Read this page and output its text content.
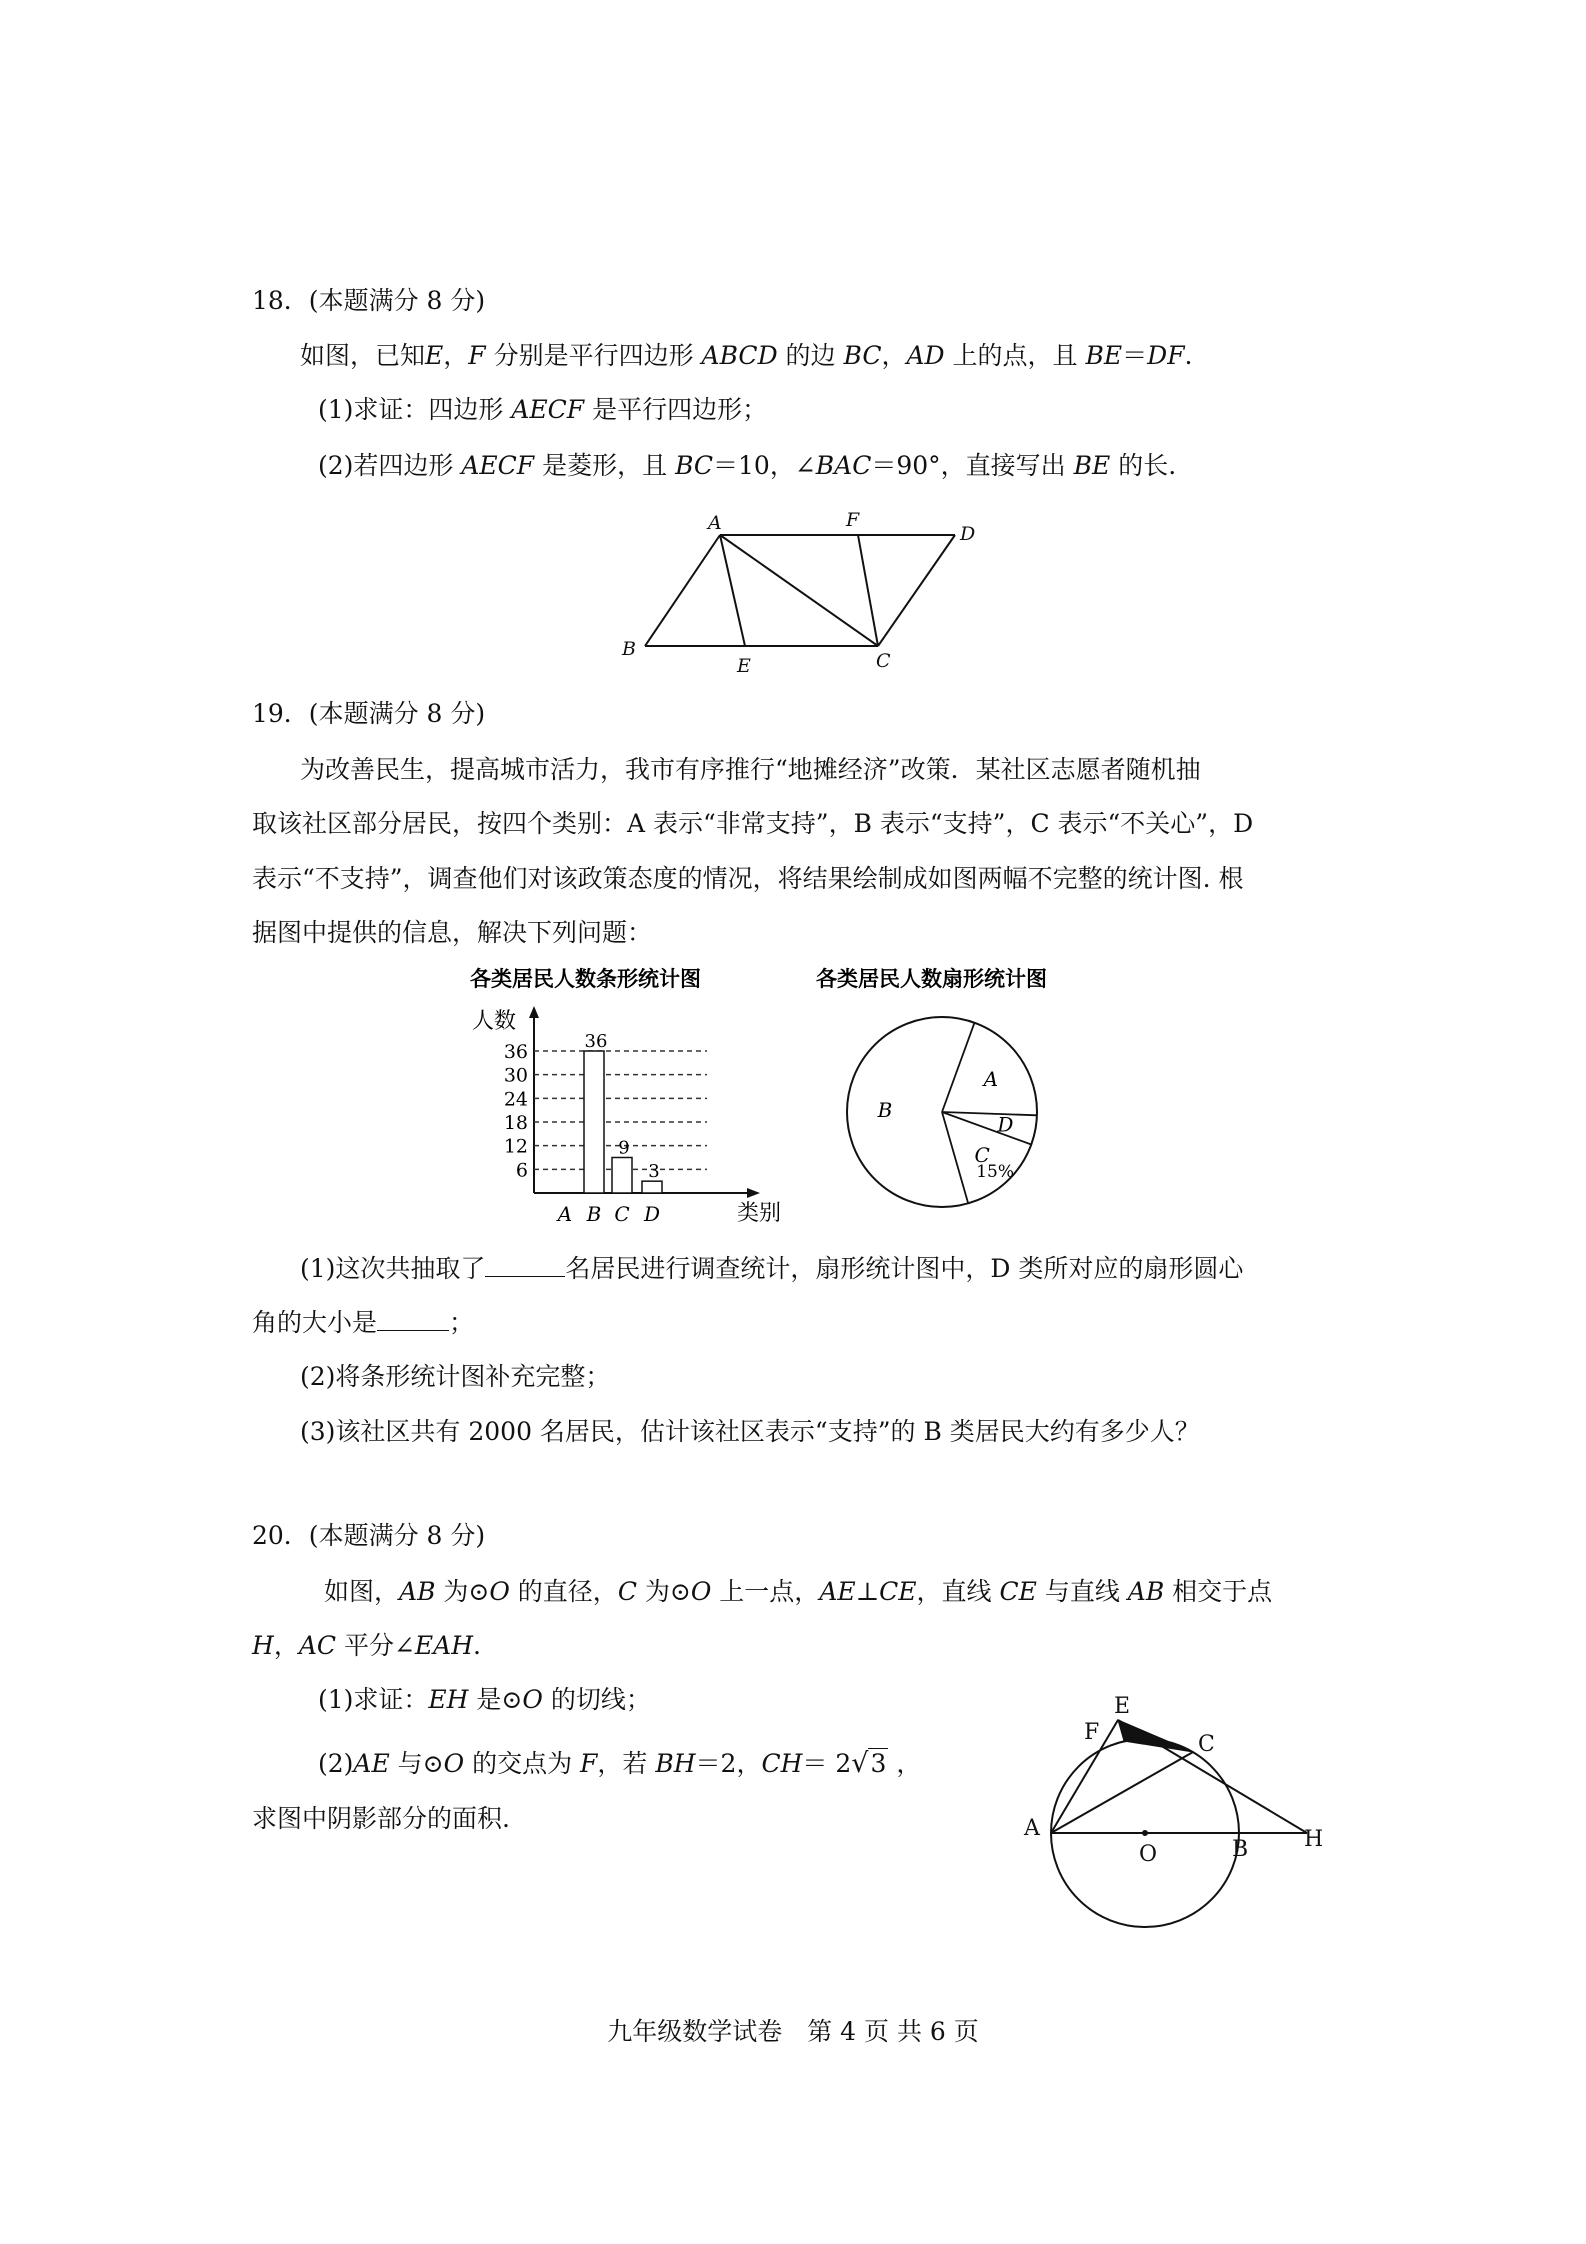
18．(本题满分 8 分)

如图，已知E，F 分别是平行四边形 ABCD 的边 BC，AD 上的点，且 BE＝DF.

(1)求证：四边形 AECF 是平行四边形；

(2)若四边形 AECF 是菱形，且 BC＝10，∠BAC＝90°，直接写出 BE 的长.

A	F
D
B
E	C

19．(本题满分 8 分)

为改善民生，提高城市活力，我市有序推行“地摊经济”改策．某社区志愿者随机抽

取该社区部分居民，按四个类别：A 表示“非常支持”，B 表示“支持”，C 表示“不关心”，D

表示“不支持”，调查他们对该政策态度的情况，将结果绘制成如图两幅不完整的统计图. 根

据图中提供的信息，解决下列问题：

各类居民人数条形统计图
人数
类别
6
12
18
24
30
36
A
36
B
9
C
3
D
各类居民人数扇形统计图
A
D
C
B
15%

(1)这次共抽取了	名居民进行调查统计，扇形统计图中，D 类所对应的扇形圆心

角的大小是	；

(2)将条形统计图补充完整；

(3)该社区共有 2000 名居民，估计该社区表示“支持”的 B 类居民大约有多少人？

20．(本题满分 8 分)

如图，AB 为⊙O 的直径，C 为⊙O 上一点，AE⊥CE，直线 CE 与直线 AB 相交于点

H，AC 平分∠EAH.

(1)求证：EH 是⊙O 的切线；

(2)AE 与⊙O 的交点为 F，若 BH＝2，CH＝ 2√3 ，

求图中阴影部分的面积.

E
F	C
A
O	B	H
九年级数学试卷　第 4 页 共 6 页
